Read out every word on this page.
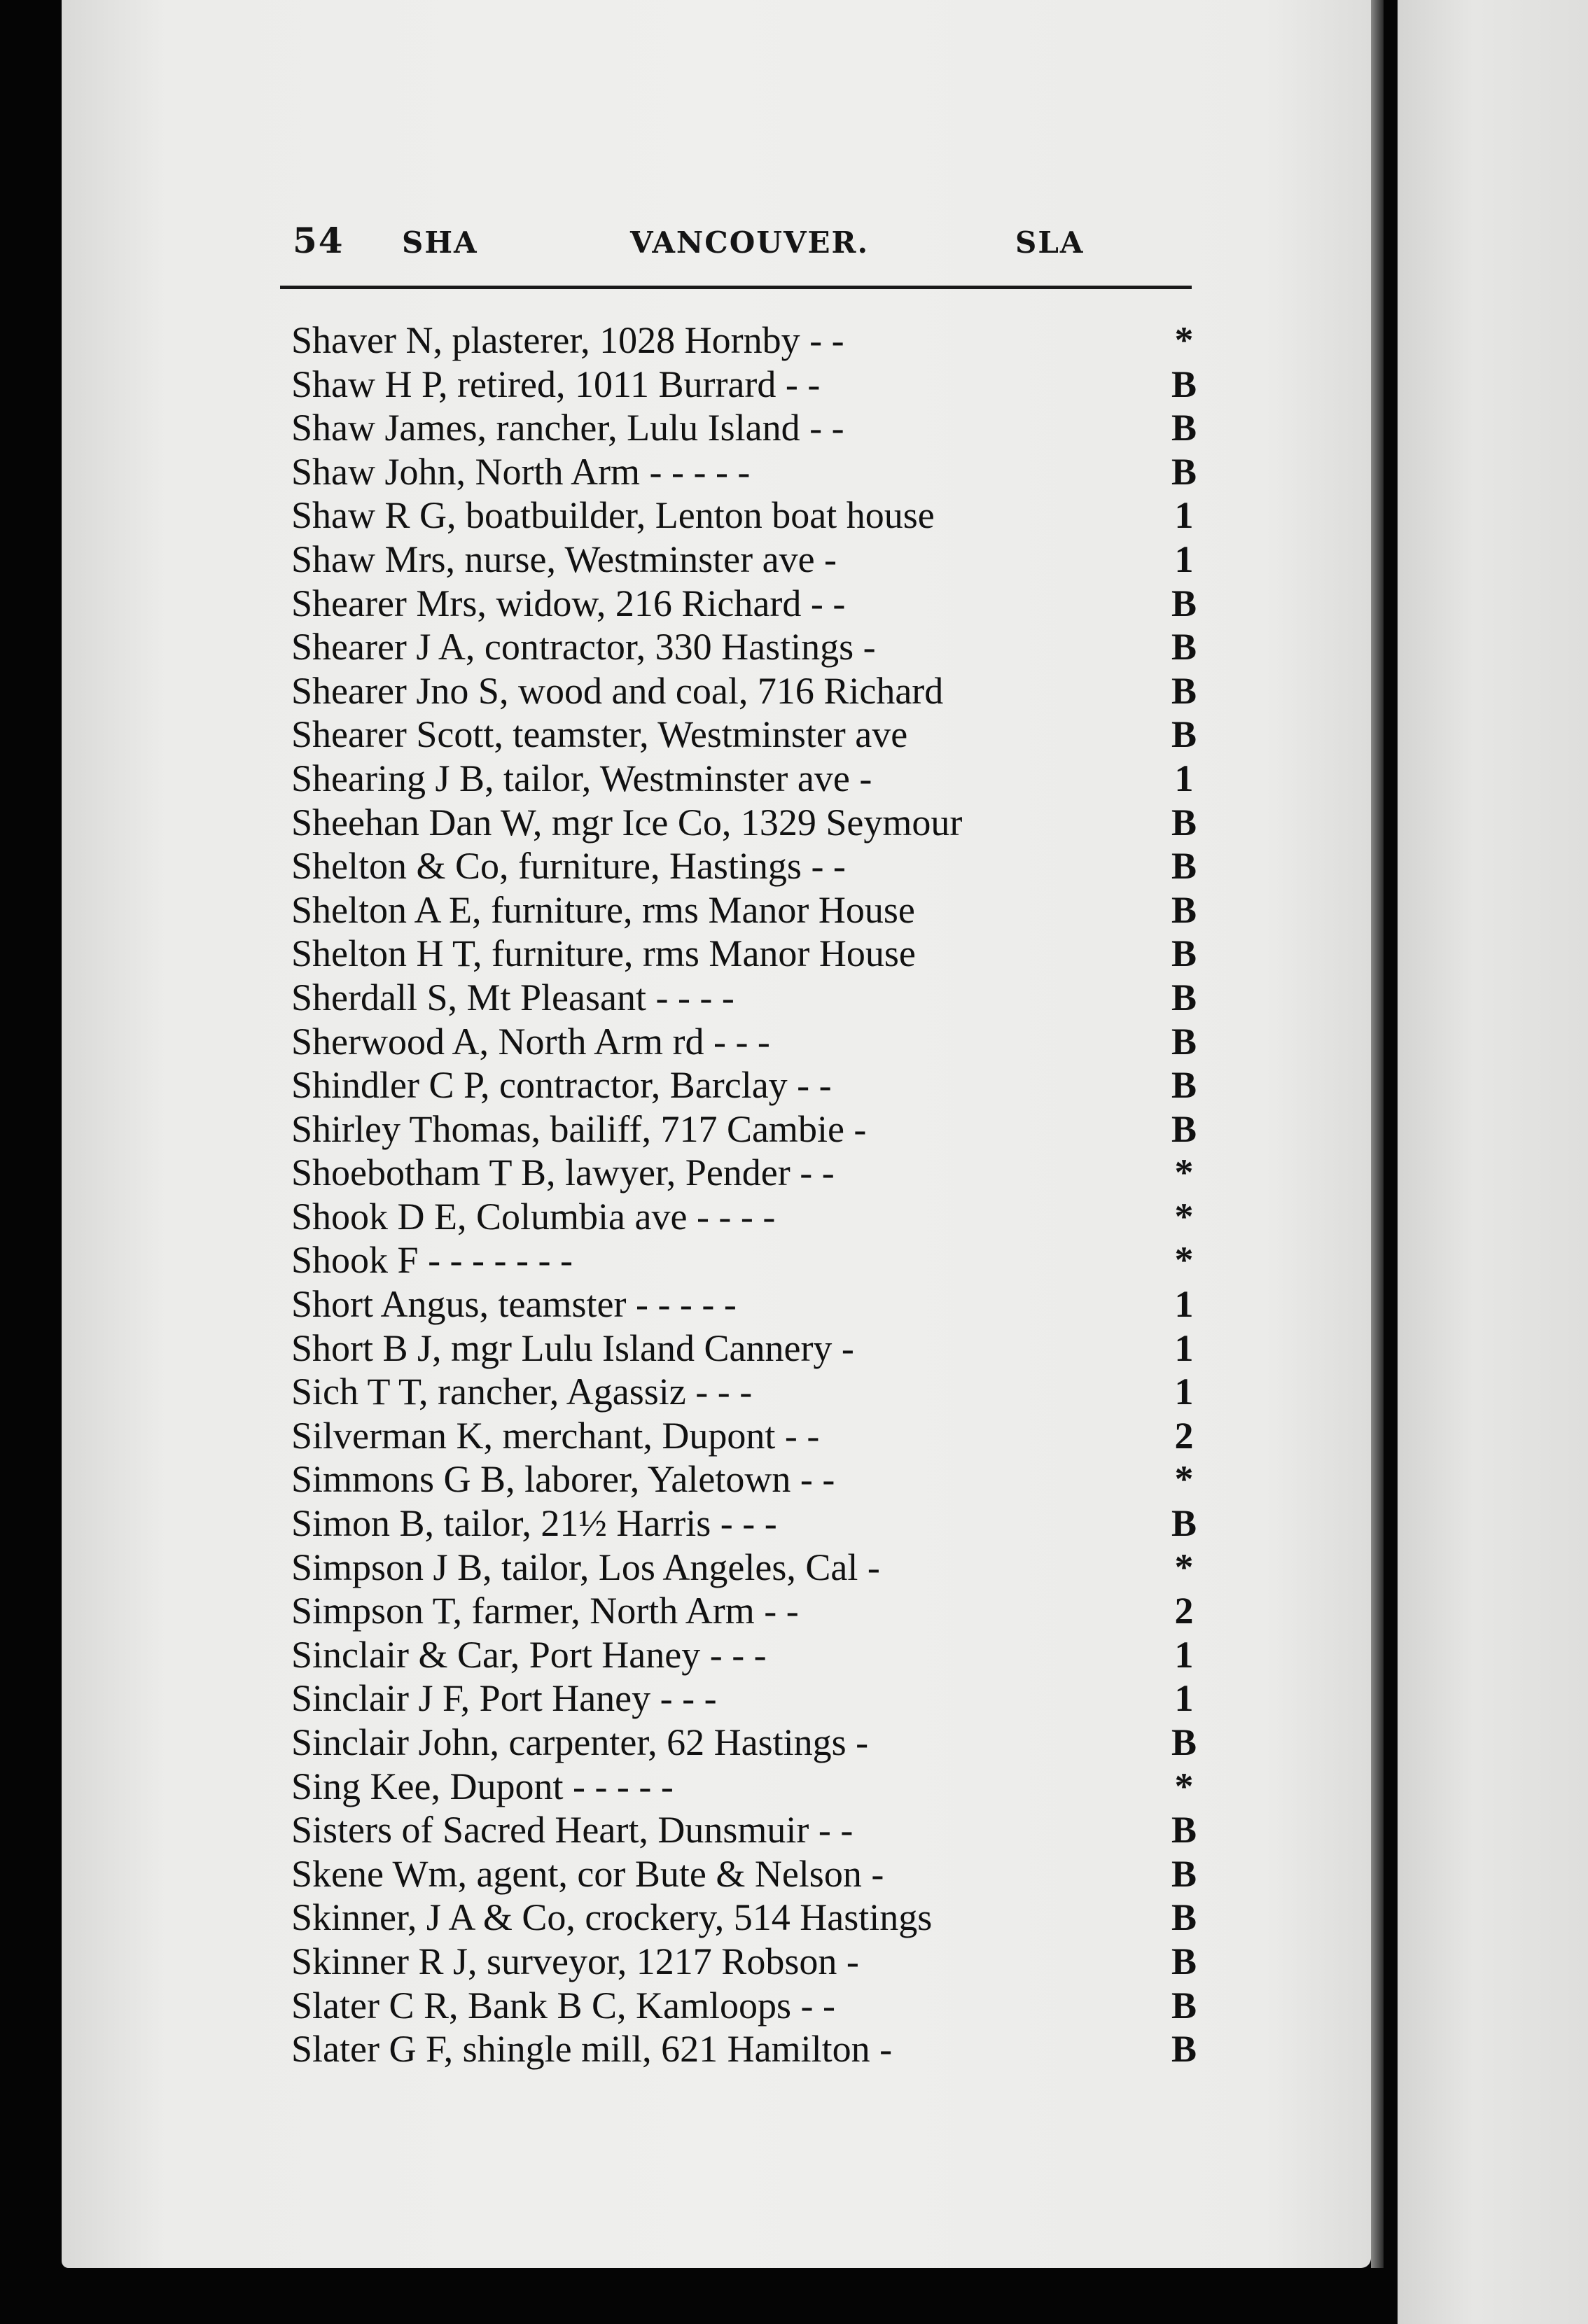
54 SHA	VANCOUVER.	SLA
Shaver N, plasterer, 1028 Hornby - -	*
Shaw H P, retired, 1011 Burrard - -	B
Shaw James, rancher, Lulu Island - -	B
Shaw John, North Arm - - - - -	B
Shaw R G, boatbuilder, Lenton boat house	1
Shaw Mrs, nurse, Westminster ave -	1
Shearer Mrs, widow, 216 Richard - -	B
Shearer J A, contractor, 330 Hastings -	B
Shearer Jno S, wood and coal, 716 Richard	B
Shearer Scott, teamster, Westminster ave	B
Shearing J B, tailor, Westminster ave -	1
Sheehan Dan W, mgr Ice Co, 1329 Seymour	B
Shelton & Co, furniture, Hastings - -	B
Shelton A E, furniture, rms Manor House	B
Shelton H T, furniture, rms Manor House	B
Sherdall S, Mt Pleasant - - - -	B
Sherwood A, North Arm rd - - -	B
Shindler C P, contractor, Barclay - -	B
Shirley Thomas, bailiff, 717 Cambie -	B
Shoebotham T B, lawyer, Pender - -	*
Shook D E, Columbia ave - - - -	*
Shook F - - - - - - -	*
Short Angus, teamster - - - - -	1
Short B J, mgr Lulu Island Cannery -	1
Sich T T, rancher, Agassiz - - -	1
Silverman K, merchant, Dupont - -	2
Simmons G B, laborer, Yaletown - -	*
Simon B, tailor, 21½ Harris - - -	B
Simpson J B, tailor, Los Angeles, Cal -	*
Simpson T, farmer, North Arm - -	2
Sinclair & Car, Port Haney - - -	1
Sinclair J F, Port Haney - - -	1
Sinclair John, carpenter, 62 Hastings -	B
Sing Kee, Dupont - - - - -	*
Sisters of Sacred Heart, Dunsmuir - -	B
Skene Wm, agent, cor Bute & Nelson -	B
Skinner, J A & Co, crockery, 514 Hastings	B
Skinner R J, surveyor, 1217 Robson -	B
Slater C R, Bank B C, Kamloops - -	B
Slater G F, shingle mill, 621 Hamilton -	B
